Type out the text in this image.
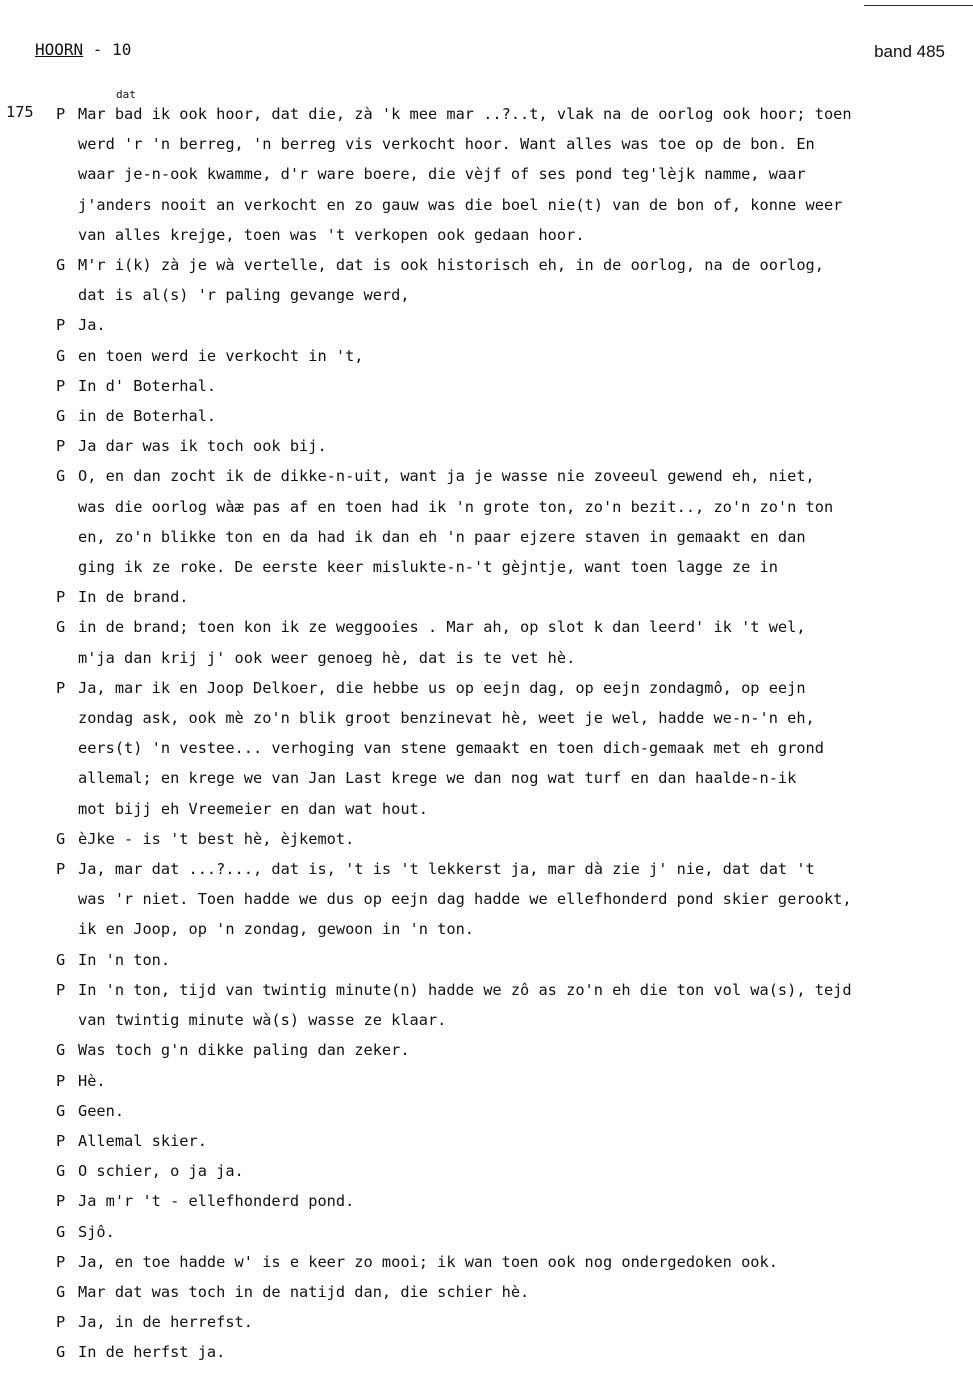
HOORN - 10	band 485
175 P Mar bad ik ook hoor, dat die, zà 'k mee mar ..?..t, vlak na de oorlog ook hoor; toen
werd 'r 'n berreg, 'n berreg vis verkocht hoor. Want alles was toe op de bon. En
waar je-n-ook kwamme, d'r ware boere, die vèjf of ses pond teg'lèjk namme, waar
j'anders nooit an verkocht en zo gauw was die boel nie(t) van de bon of, konne weer
van alles krejge, toen was 't verkopen ook gedaan hoor.
G M'r i(k) zà je wà vertelle, dat is ook historisch eh, in de oorlog, na de oorlog,
dat is al(s) 'r paling gevange werd,
P Ja.
G en toen werd ie verkocht in 't,
P In d' Boterhal.
G in de Boterhal.
P Ja dar was ik toch ook bij.
G O, en dan zocht ik de dikke-n-uit, want ja je wasse nie zoveeul gewend eh, niet,
was die oorlog wàæ pas af en toen had ik 'n grote ton, zo'n bezit.., zo'n zo'n ton
en, zo'n blikke ton en da had ik dan eh 'n paar ejzere staven in gemaakt en dan
ging ik ze roke. De eerste keer mislukte-n-'t gèjntje, want toen lagge ze in
P In de brand.
G in de brand; toen kon ik ze weggooies . Mar ah, op slot k dan leerd' ik 't wel,
m'ja dan krij j' ook weer genoeg hè, dat is te vet hè.
P Ja, mar ik en Joop Delkoer, die hebbe us op eejn dag, op eejn zondagmô, op eejn
zondag ask, ook mè zo'n blik groot benzinevat hè, weet je wel, hadde we-n-'n eh,
eers(t) 'n vestee... verhoging van stene gemaakt en toen dich-gemaak met eh grond
allemal; en krege we van Jan Last krege we dan nog wat turf en dan haalde-n-ik
mot bijj eh Vreemeier en dan wat hout.
G èJke - is 't best hè, èjkemot.
P Ja, mar dat ...?..., dat is, 't is 't lekkerst ja, mar dà zie j' nie, dat dat 't
was 'r niet. Toen hadde we dus op eejn dag hadde we ellefhonderd pond skier gerookt,
ik en Joop, op 'n zondag, gewoon in 'n ton.
G In 'n ton.
P In 'n ton, tijd van twintig minute(n) hadde we zô as zo'n eh die ton vol wa(s), tejd
van twintig minute wà(s) wasse ze klaar.
G Was toch g'n dikke paling dan zeker.
P Hè.
G Geen.
P Allemal skier.
G O schier, o ja ja.
P Ja m'r 't - ellefhonderd pond.
G Sjô.
P Ja, en toe hadde w' is e keer zo mooi; ik wan toen ook nog ondergedoken ook.
G Mar dat was toch in de natijd dan, die schier hè.
P Ja, in de herrefst.
G In de herfst ja.
dat
